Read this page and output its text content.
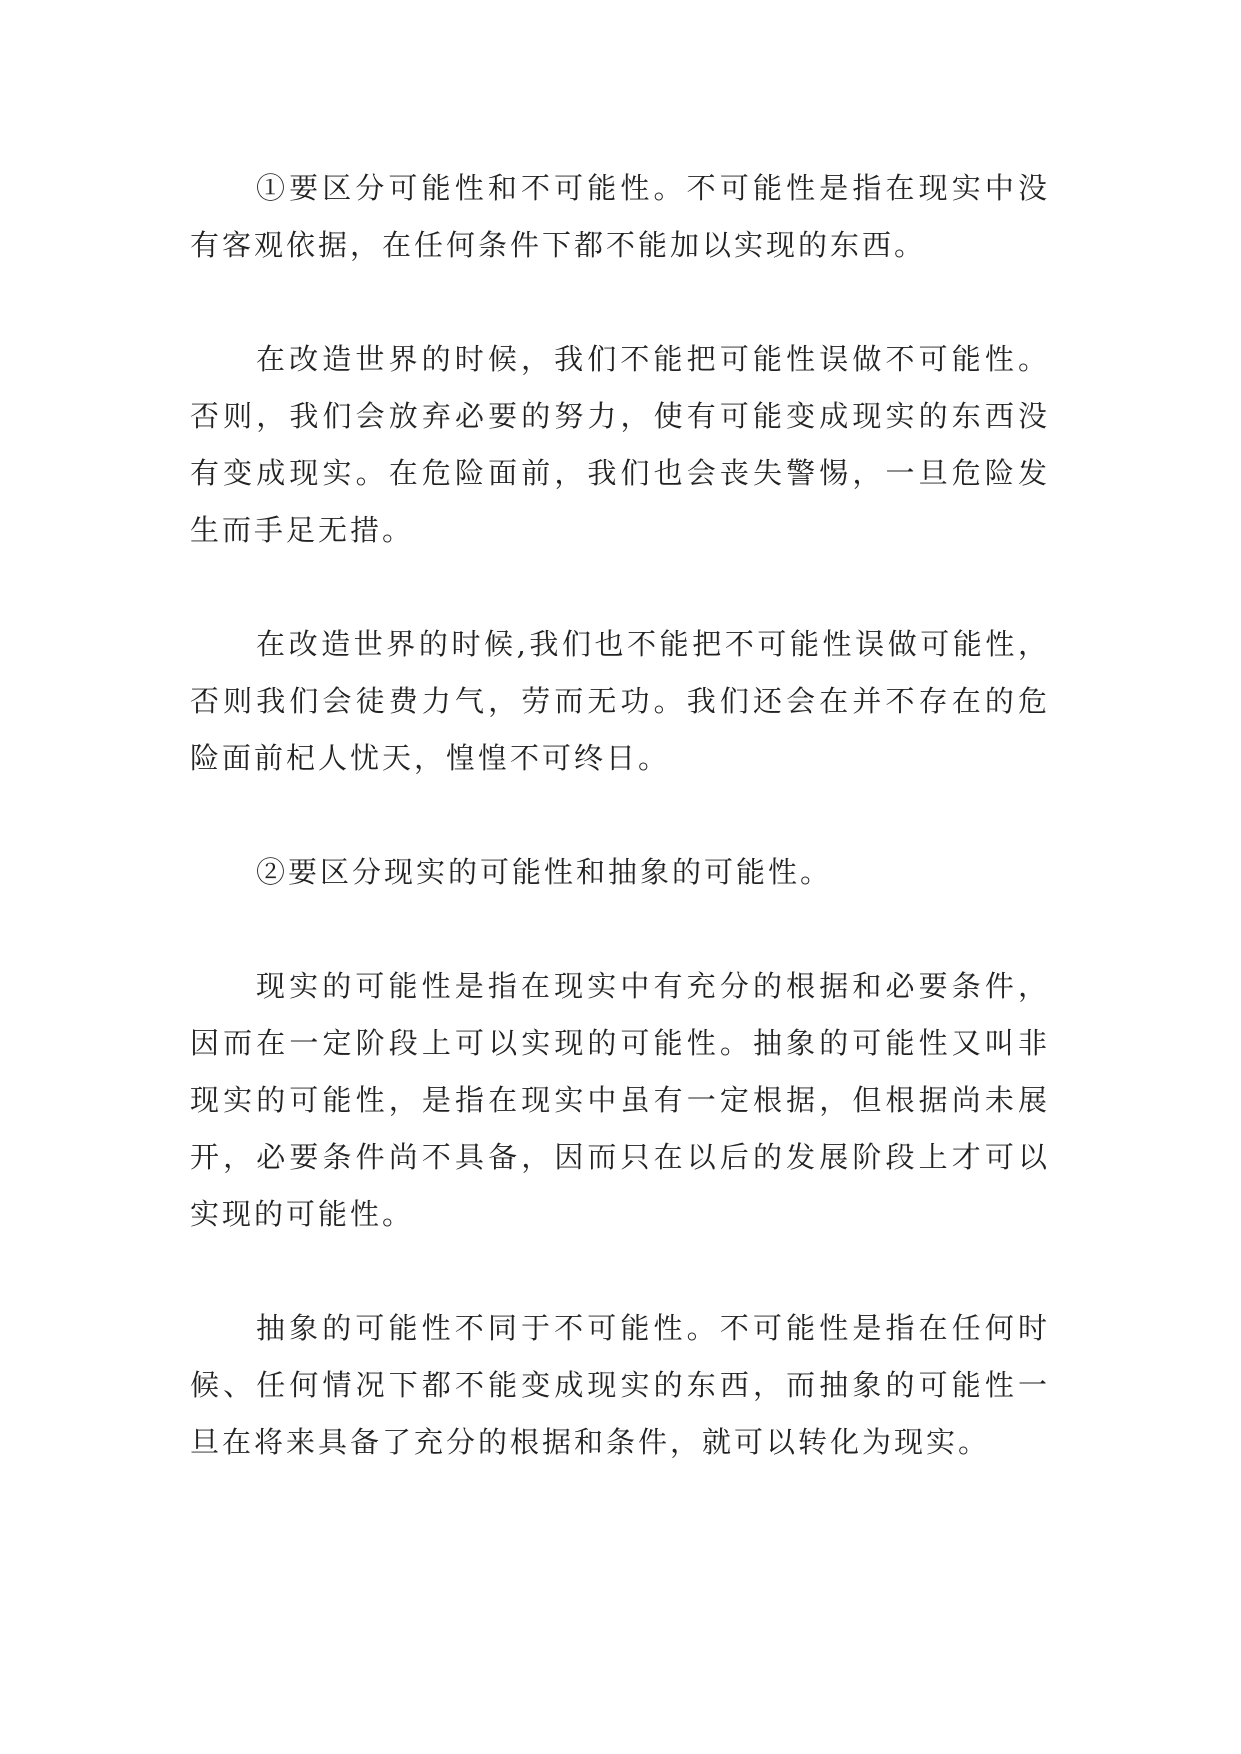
①要区分可能性和不可能性。不可能性是指在现实中没有客观依据，在任何条件下都不能加以实现的东西。

在改造世界的时候，我们不能把可能性误做不可能性。否则，我们会放弃必要的努力，使有可能变成现实的东西没有变成现实。在危险面前，我们也会丧失警惕，一旦危险发生而手足无措。

在改造世界的时候,我们也不能把不可能性误做可能性，否则我们会徒费力气，劳而无功。我们还会在并不存在的危险面前杞人忧天，惶惶不可终日。

②要区分现实的可能性和抽象的可能性。

现实的可能性是指在现实中有充分的根据和必要条件，因而在一定阶段上可以实现的可能性。抽象的可能性又叫非现实的可能性，是指在现实中虽有一定根据，但根据尚未展开，必要条件尚不具备，因而只在以后的发展阶段上才可以实现的可能性。

抽象的可能性不同于不可能性。不可能性是指在任何时候、任何情况下都不能变成现实的东西，而抽象的可能性一旦在将来具备了充分的根据和条件，就可以转化为现实。
